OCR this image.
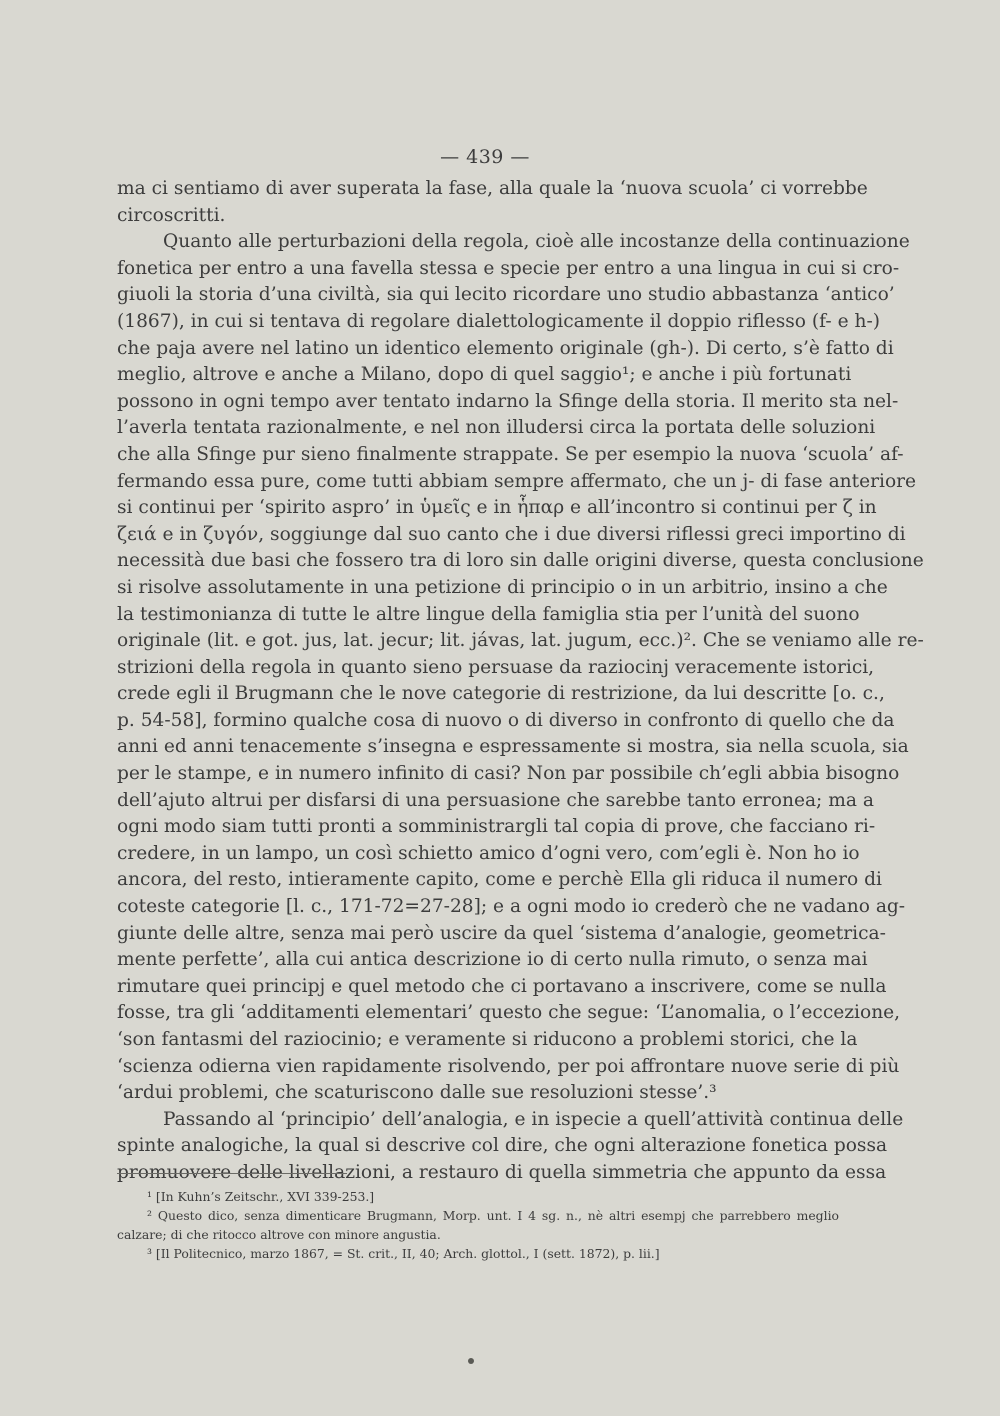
— 439 —
ma ci sentiamo di aver superata la fase, alla quale la ‘nuova scuola’ ci vorrebbe
circoscritti.
Quanto alle perturbazioni della regola, cioè alle incostanze della continuazione
fonetica per entro a una favella stessa e specie per entro a una lingua in cui si cro-
giuoli la storia d’una civiltà, sia qui lecito ricordare uno studio abbastanza ‘antico’
(1867), in cui si tentava di regolare dialettologicamente il doppio riflesso (f- e h-)
che paja avere nel latino un identico elemento originale (gh-). Di certo, s’è fatto di
meglio, altrove e anche a Milano, dopo di quel saggio¹; e anche i più fortunati
possono in ogni tempo aver tentato indarno la Sfinge della storia. Il merito sta nel-
l’averla tentata razionalmente, e nel non illudersi circa la portata delle soluzioni
che alla Sfinge pur sieno finalmente strappate. Se per esempio la nuova ‘scuola’ af-
fermando essa pure, come tutti abbiam sempre affermato, che un j- di fase anteriore
si continui per ‘spirito aspro’ in ὑμεῖς e in ἧπαρ e all’incontro si continui per ζ in
ζειά e in ζυγόν, soggiunge dal suo canto che i due diversi riflessi greci importino di
necessità due basi che fossero tra di loro sin dalle origini diverse, questa conclusione
si risolve assolutamente in una petizione di principio o in un arbitrio, insino a che
la testimonianza di tutte le altre lingue della famiglia stia per l’unità del suono
originale (lit. e got. jus, lat. jecur; lit. jávas, lat. jugum, ecc.)². Che se veniamo alle re-
strizioni della regola in quanto sieno persuase da raziocinj veracemente istorici,
crede egli il Brugmann che le nove categorie di restrizione, da lui descritte [o. c.,
p. 54-58], formino qualche cosa di nuovo o di diverso in confronto di quello che da
anni ed anni tenacemente s’insegna e espressamente si mostra, sia nella scuola, sia
per le stampe, e in numero infinito di casi? Non par possibile ch’egli abbia bisogno
dell’ajuto altrui per disfarsi di una persuasione che sarebbe tanto erronea; ma a
ogni modo siam tutti pronti a somministrargli tal copia di prove, che facciano ri-
credere, in un lampo, un così schietto amico d’ogni vero, com’egli è. Non ho io
ancora, del resto, intieramente capito, come e perchè Ella gli riduca il numero di
coteste categorie [l. c., 171-72=27-28]; e a ogni modo io crederò che ne vadano ag-
giunte delle altre, senza mai però uscire da quel ‘sistema d’analogie, geometrica-
mente perfette’, alla cui antica descrizione io di certo nulla rimuto, o senza mai
rimutare quei principj e quel metodo che ci portavano a inscrivere, come se nulla
fosse, tra gli ‘additamenti elementari’ questo che segue: ‘L’anomalia, o l’eccezione,
‘son fantasmi del raziocinio; e veramente si riducono a problemi storici, che la
‘scienza odierna vien rapidamente risolvendo, per poi affrontare nuove serie di più
‘ardui problemi, che scaturiscono dalle sue resoluzioni stesse’.³
Passando al ‘principio’ dell’analogia, e in ispecie a quell’attività continua delle
spinte analogiche, la qual si descrive col dire, che ogni alterazione fonetica possa
promuovere delle livellazioni, a restauro di quella simmetria che appunto da essa
¹ [In Kuhn’s Zeitschr., XVI 339-253.]
² Questo dico, senza dimenticare Brugmann, Morp. unt. I 4 sg. n., nè altri esempj che parrebbero meglio
calzare; di che ritocco altrove con minore angustia.
³ [Il Politecnico, marzo 1867, = St. crit., II, 40; Arch. glottol., I (sett. 1872), p. lii.]
